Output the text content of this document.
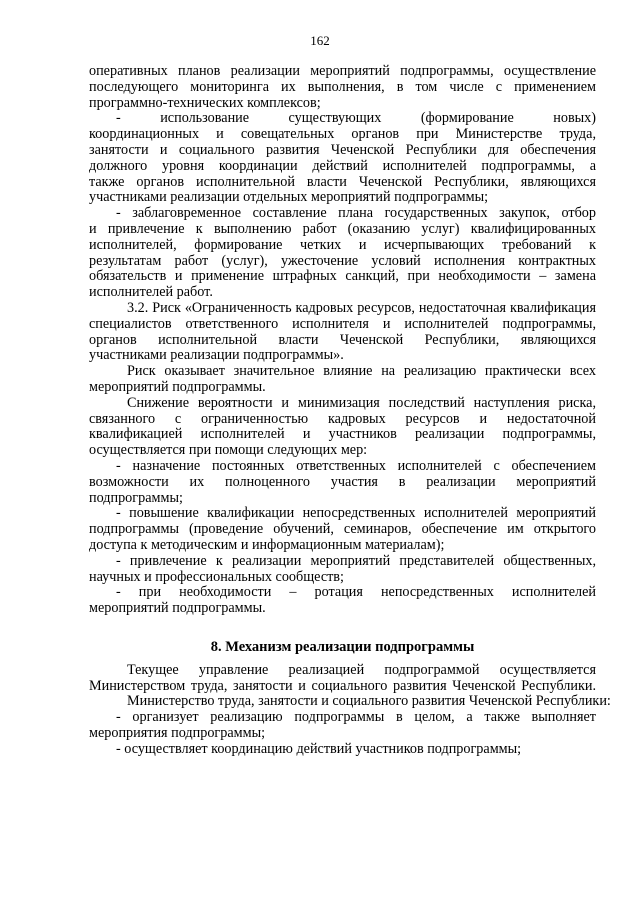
162
оперативных планов реализации мероприятий подпрограммы, осуществление
последующего мониторинга их выполнения, в том числе с применением
программно-технических комплексов;
- использование существующих (формирование новых)
координационных и совещательных органов при Министерстве труда,
занятости и социального развития Чеченской Республики для обеспечения
должного уровня координации действий исполнителей подпрограммы, а
также органов исполнительной власти Чеченской Республики, являющихся
участниками реализации отдельных мероприятий подпрограммы;
- заблаговременное составление плана государственных закупок, отбор
и привлечение к выполнению работ (оказанию услуг) квалифицированных
исполнителей, формирование четких и исчерпывающих требований к
результатам работ (услуг), ужесточение условий исполнения контрактных
обязательств и применение штрафных санкций, при необходимости – замена
исполнителей работ.
3.2. Риск «Ограниченность кадровых ресурсов, недостаточная квалификация
специалистов ответственного исполнителя и исполнителей подпрограммы,
органов исполнительной власти Чеченской Республики, являющихся
участниками реализации подпрограммы».
Риск оказывает значительное влияние на реализацию практически всех
мероприятий подпрограммы.
Снижение вероятности и минимизация последствий наступления риска,
связанного с ограниченностью кадровых ресурсов и недостаточной
квалификацией исполнителей и участников реализации подпрограммы,
осуществляется при помощи следующих мер:
- назначение постоянных ответственных исполнителей с обеспечением
возможности их полноценного участия в реализации мероприятий
подпрограммы;
- повышение квалификации непосредственных исполнителей мероприятий
подпрограммы (проведение обучений, семинаров, обеспечение им открытого
доступа к методическим и информационным материалам);
- привлечение к реализации мероприятий представителей общественных,
научных и профессиональных сообществ;
- при необходимости – ротация непосредственных исполнителей
мероприятий подпрограммы.
8. Механизм реализации подпрограммы
Текущее управление реализацией подпрограммой осуществляется
Министерством труда, занятости и социального развития Чеченской Республики.
Министерство труда, занятости и социального развития Чеченской Республики:
- организует реализацию подпрограммы в целом, а также выполняет
мероприятия подпрограммы;
- осуществляет координацию действий участников подпрограммы;
